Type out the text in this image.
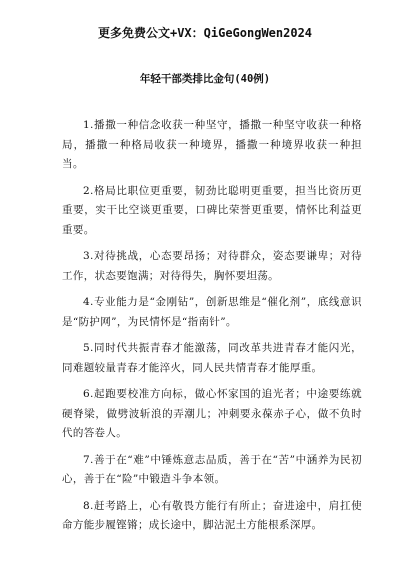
更多免费公文+VX：QiGeGongWen2024
年轻干部类排比金句(40例)

1.播撒一种信念收获一种坚守，播撒一种坚守收获一种格局，播撒一种格局收获一种境界，播撒一种境界收获一种担当。

2.格局比职位更重要，韧劲比聪明更重要，担当比资历更重要，实干比空谈更重要，口碑比荣誉更重要，情怀比利益更重要。

3.对待挑战，心态要昂扬；对待群众，姿态要谦卑；对待工作，状态要饱满；对待得失，胸怀要坦荡。

4.专业能力是“金刚钻”，创新思维是“催化剂”，底线意识是“防护网”，为民情怀是“指南针”。

5.同时代共振青春才能激荡，同改革共进青春才能闪光，同难题较量青春才能淬火，同人民共情青春才能厚重。

6.起跑要校准方向标，做心怀家国的追光者；中途要练就硬脊梁，做劈波斩浪的弄潮儿；冲刺要永葆赤子心，做不负时代的答卷人。

7.善于在“难”中锤炼意志品质，善于在“苦”中涵养为民初心，善于在“险”中锻造斗争本领。

8.赶考路上，心有敬畏方能行有所止；奋进途中，肩扛使命方能步履铿锵；成长途中，脚沾泥土方能根系深厚。
